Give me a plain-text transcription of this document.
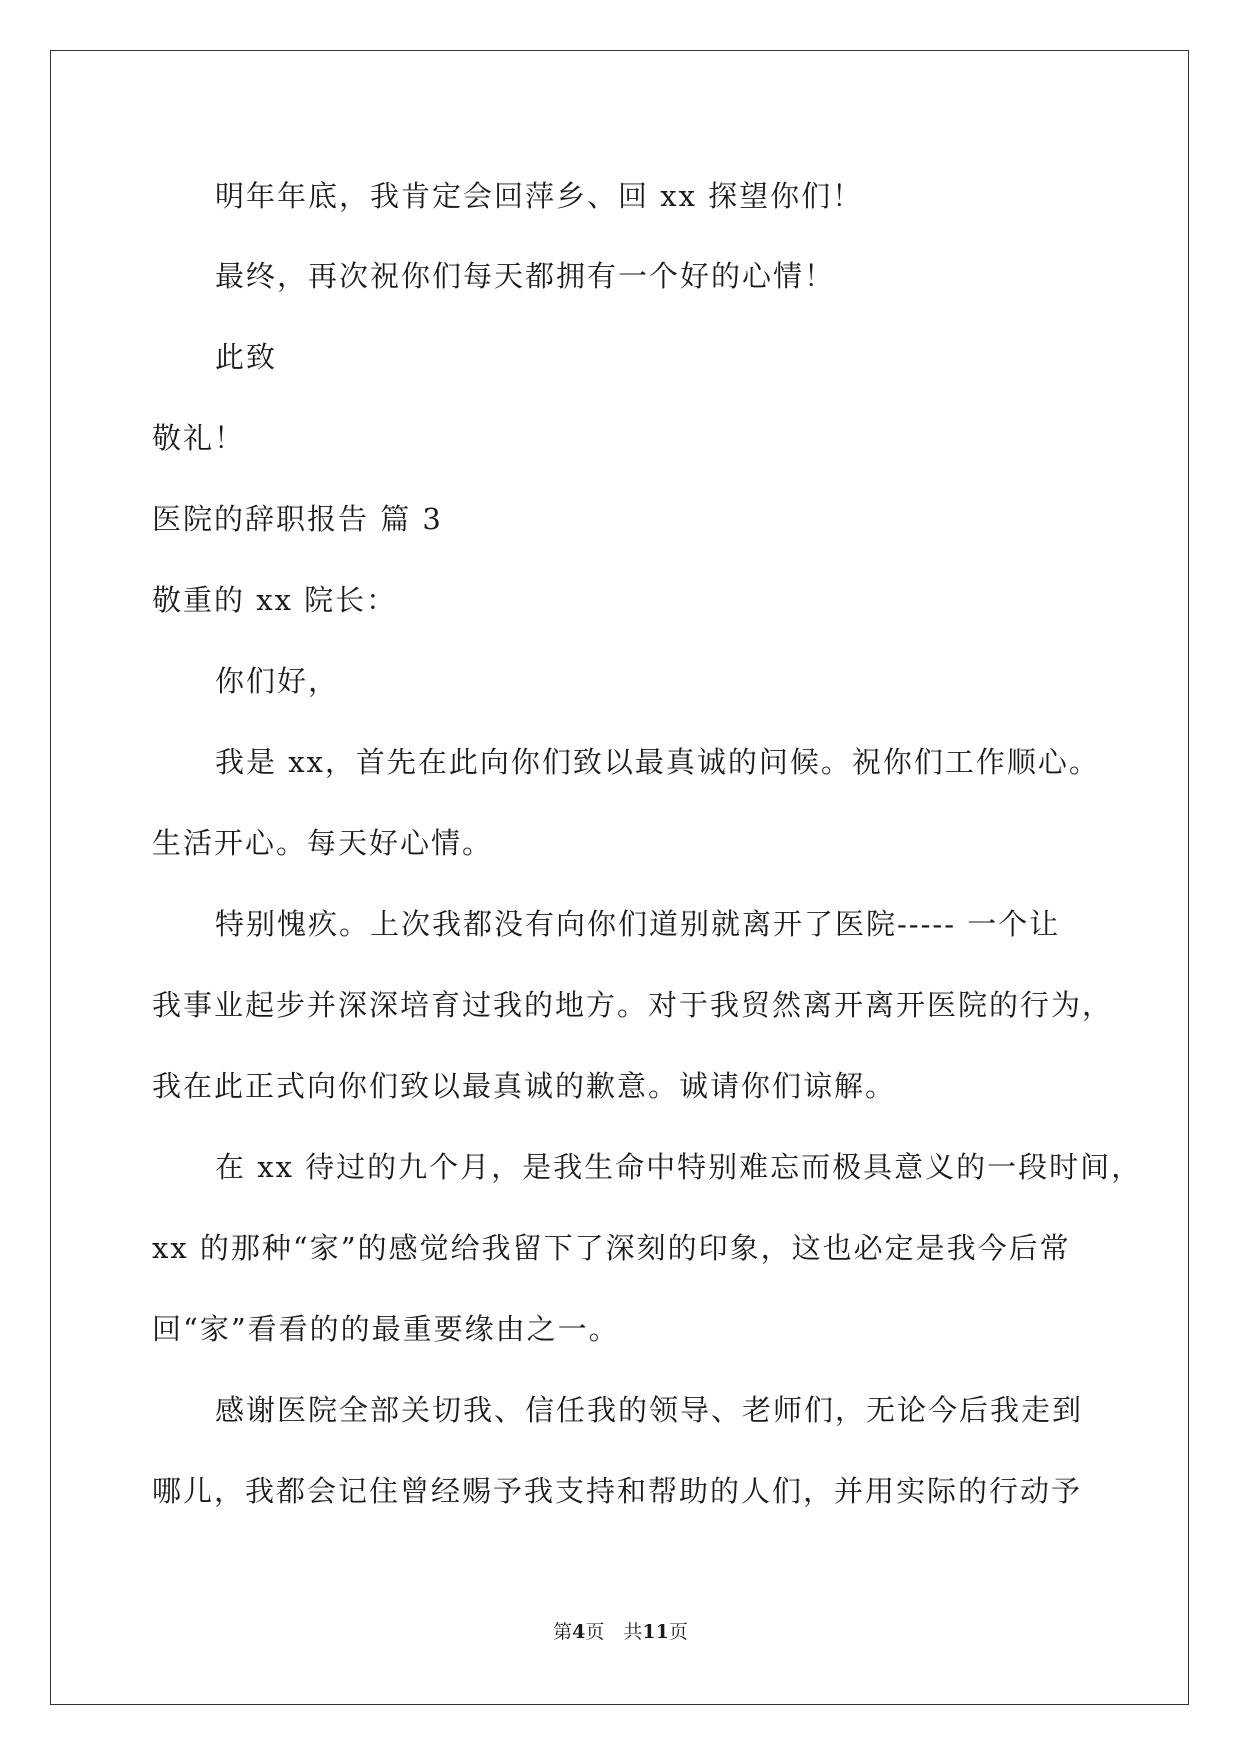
明年年底，我肯定会回萍乡、回 xx 探望你们！
最终，再次祝你们每天都拥有一个好的心情！
此致
敬礼！
医院的辞职报告 篇 3
敬重的 xx 院长：
你们好，
我是 xx，首先在此向你们致以最真诚的问候。祝你们工作顺心。
生活开心。每天好心情。
特别愧疚。上次我都没有向你们道别就离开了医院----- 一个让
我事业起步并深深培育过我的地方。对于我贸然离开离开医院的行为，
我在此正式向你们致以最真诚的歉意。诚请你们谅解。
在 xx 待过的九个月，是我生命中特别难忘而极具意义的一段时间，
xx 的那种“家”的感觉给我留下了深刻的印象，这也必定是我今后常
回“家”看看的的最重要缘由之一。
感谢医院全部关切我、信任我的领导、老师们，无论今后我走到
哪儿，我都会记住曾经赐予我支持和帮助的人们，并用实际的行动予
第4页　共11页
